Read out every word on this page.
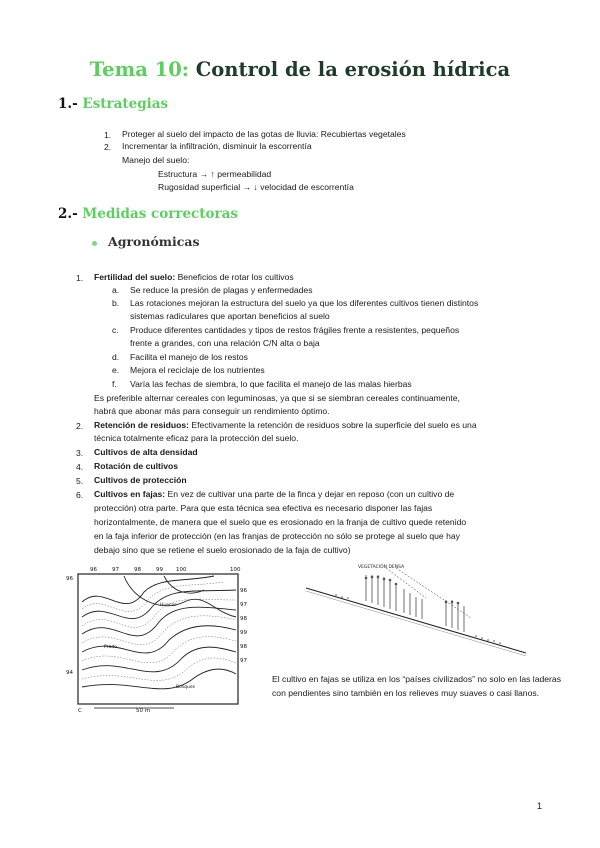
Tema 10: Control de la erosión hídrica
1.- Estrategias
1. Proteger al suelo del impacto de las gotas de lluvia: Recubiertas vegetales
2. Incrementar la infiltración, disminuir la escorrentía
Manejo del suelo:
Estructura → ↑ permeabilidad
Rugosidad superficial → ↓ velocidad de escorrentía
2.- Medidas correctoras
Agronómicas
1. Fertilidad del suelo: Beneficios de rotar los cultivos
a. Se reduce la presión de plagas y enfermedades
b. Las rotaciones mejoran la estructura del suelo ya que los diferentes cultivos tienen distintos
sistemas radiculares que aportan beneficios al suelo
c. Produce diferentes cantidades y tipos de restos frágiles frente a resistentes, pequeños
frente a grandes, con una relación C/N alta o baja
d. Facilita el manejo de los restos
e. Mejora el reciclaje de los nutrientes
f. Varía las fechas de siembra, lo que facilita el manejo de las malas hierbas
Es preferible alternar cereales con leguminosas, ya que si se siembran cereales continuamente,
habrá que abonar más para conseguir un rendimiento óptimo.
2. Retención de residuos: Efectivamente la retención de residuos sobre la superficie del suelo es una
técnica totalmente eficaz para la protección del suelo.
3. Cultivos de alta densidad
4. Rotación de cultivos
5. Cultivos de protección
6. Cultivos en fajas: En vez de cultivar una parte de la finca y dejar en reposo (con un cultivo de
protección) otra parte. Para que esta técnica sea efectiva es necesario disponer las fajas
horizontalmente, de manera que el suelo que es erosionado en la franja de cultivo quede retenido
en la faja inferior de protección (en las franjas de protección no sólo se protege al suelo que hay
debajo sino que se retiene el suelo erosionado de la faja de cultivo)
96	97	98	99 100	100
96
97
98
99
98
97
96
94
C	50 m
Huecos
Bosques
Prado
VEGETACIÓN DENSA
El cultivo en fajas se utiliza en los “países civilizados” no solo en las laderas con pendientes sino también en los relieves muy suaves o casi llanos.
1
